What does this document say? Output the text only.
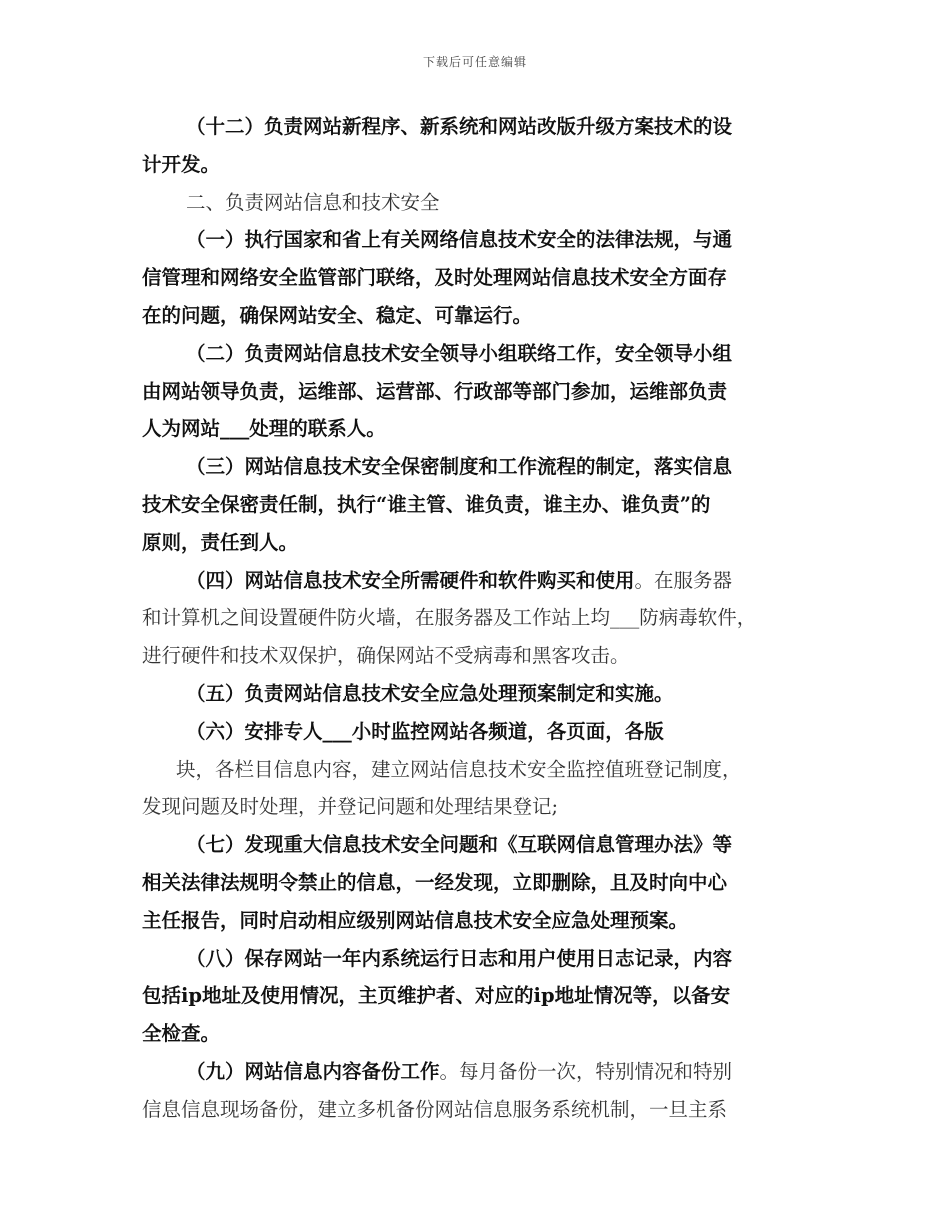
下载后可任意编辑
（十二）负责网站新程序、新系统和网站改版升级方案技术的设
计开发。
二、负责网站信息和技术安全
（一）执行国家和省上有关网络信息技术安全的法律法规，与通
信管理和网络安全监管部门联络，及时处理网站信息技术安全方面存
在的问题，确保网站安全、稳定、可靠运行。
（二）负责网站信息技术安全领导小组联络工作，安全领导小组
由网站领导负责，运维部、运营部、行政部等部门参加，运维部负责
人为网站___处理的联系人。
（三）网站信息技术安全保密制度和工作流程的制定，落实信息
技术安全保密责任制，执行“谁主管、谁负责，谁主办、谁负责”的
原则，责任到人。
（四）网站信息技术安全所需硬件和软件购买和使用。在服务器
和计算机之间设置硬件防火墙，在服务器及工作站上均___防病毒软件，
进行硬件和技术双保护，确保网站不受病毒和黑客攻击。
（五）负责网站信息技术安全应急处理预案制定和实施。
（六）安排专人___小时监控网站各频道，各页面，各版
块，各栏目信息内容，建立网站信息技术安全监控值班登记制度，
发现问题及时处理，并登记问题和处理结果登记;
（七）发现重大信息技术安全问题和《互联网信息管理办法》等
相关法律法规明令禁止的信息，一经发现，立即删除，且及时向中心
主任报告，同时启动相应级别网站信息技术安全应急处理预案。
（八）保存网站一年内系统运行日志和用户使用日志记录，内容
包括ip地址及使用情况，主页维护者、对应的ip地址情况等，以备安
全检查。
（九）网站信息内容备份工作。每月备份一次，特别情况和特别
信息信息现场备份，建立多机备份网站信息服务系统机制，一旦主系
